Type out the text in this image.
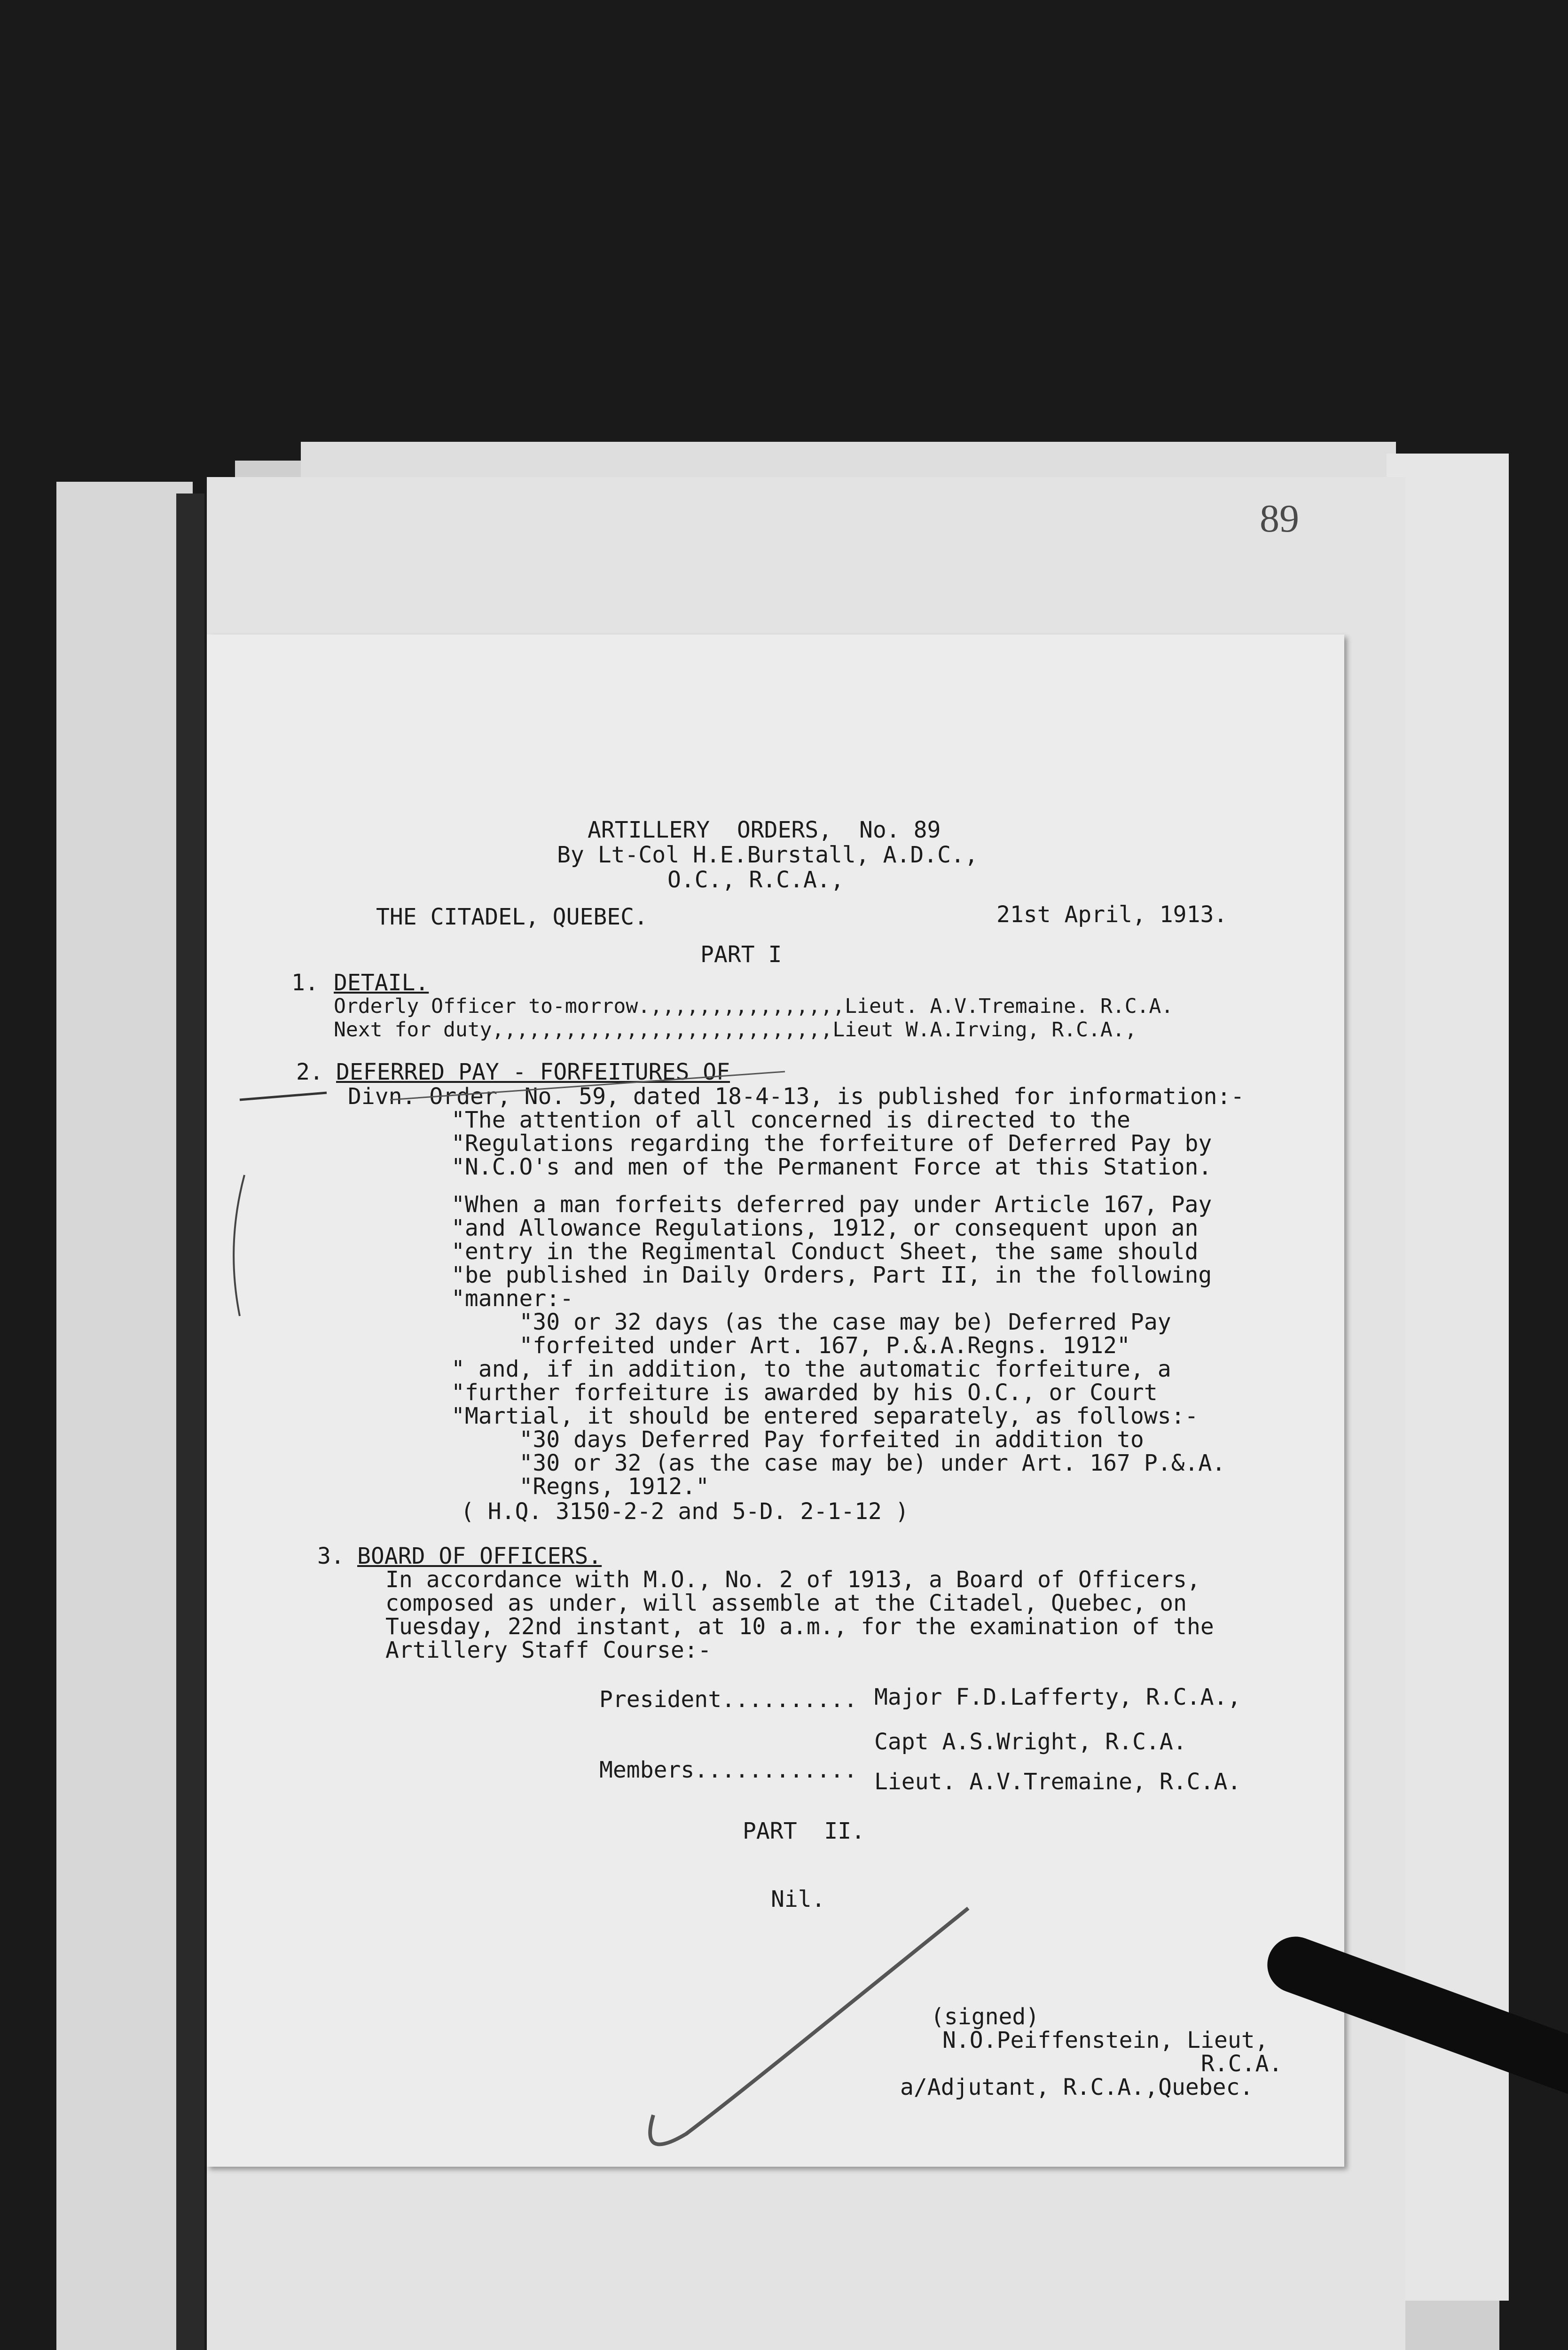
89
ARTILLERY  ORDERS,  No. 89
By Lt-Col H.E.Burstall, A.D.C.,
O.C., R.C.A.,
THE CITADEL, QUEBEC.	21st April, 1913.
PART I
1. DETAIL.
Orderly Officer to-morrow.,,,,,,,,,,,,,,,,Lieut. A.V.Tremaine. R.C.A.
Next for duty,,,,,,,,,,,,,,,,,,,,,,,,,,,,Lieut W.A.Irving, R.C.A.,
2. DEFERRED PAY - FORFEITURES OF
Divn. Order, No. 59, dated 18-4-13, is published for information:-
"The attention of all concerned is directed to the
"Regulations regarding the forfeiture of Deferred Pay by
"N.C.O's and men of the Permanent Force at this Station.
"When a man forfeits deferred pay under Article 167, Pay
"and Allowance Regulations, 1912, or consequent upon an
"entry in the Regimental Conduct Sheet, the same should
"be published in Daily Orders, Part II, in the following
"manner:-
"30 or 32 days (as the case may be) Deferred Pay
"forfeited under Art. 167, P.&.A.Regns. 1912"
" and, if in addition, to the automatic forfeiture, a
"further forfeiture is awarded by his O.C., or Court
"Martial, it should be entered separately, as follows:-
"30 days Deferred Pay forfeited in addition to
"30 or 32 (as the case may be) under Art. 167 P.&.A.
"Regns, 1912."
( H.Q. 3150-2-2 and 5-D. 2-1-12 )
3. BOARD OF OFFICERS.
In accordance with M.O., No. 2 of 1913, a Board of Officers,
composed as under, will assemble at the Citadel, Quebec, on
Tuesday, 22nd instant, at 10 a.m., for the examination of the
Artillery Staff Course:-
President.......... Major F.D.Lafferty, R.C.A.,
Capt A.S.Wright, R.C.A.
Members............ Lieut. A.V.Tremaine, R.C.A.
PART  II.
Nil.
(signed)
N.O.Peiffenstein, Lieut,
R.C.A.
a/Adjutant, R.C.A.,Quebec.
